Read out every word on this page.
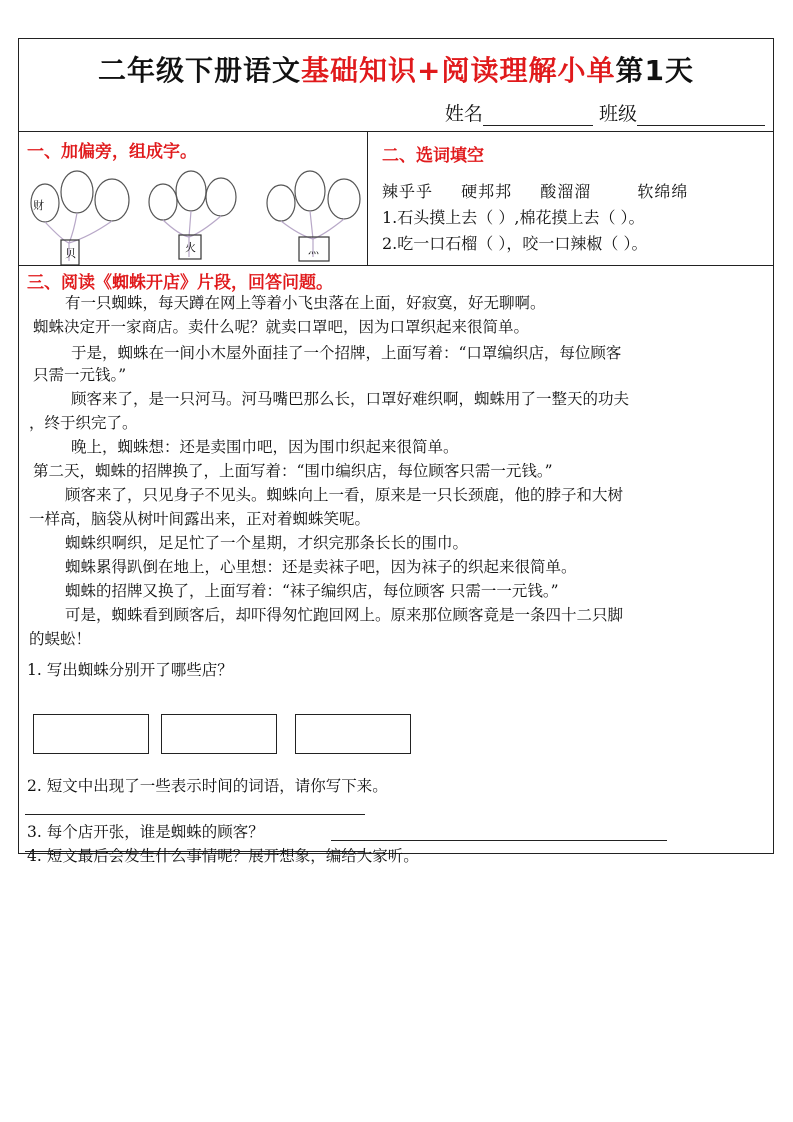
二年级下册语文基础知识+阅读理解小单第1天
姓名	班级
一、加偏旁，组成字。
财
贝	火	灬
二、选词填空
辣乎乎 硬邦邦 酸溜溜	软绵绵
1.石头摸上去（ ）,棉花摸上去（ ）。
2.吃一口石榴（ ），咬一口辣椒（ ）。
三、阅读《蜘蛛开店》片段，回答问题。
有一只蜘蛛，每天蹲在网上等着小飞虫落在上面，好寂寞，好无聊啊。
蜘蛛决定开一家商店。卖什么呢？就卖口罩吧，因为口罩织起来很简单。
于是，蜘蛛在一间小木屋外面挂了一个招牌，上面写着：“口罩编织店，每位顾客
只需一元钱。”
顾客来了，是一只河马。河马嘴巴那么长，口罩好难织啊，蜘蛛用了一整天的功夫
，终于织完了。
晚上，蜘蛛想：还是卖围巾吧，因为围巾织起来很简单。
第二天，蜘蛛的招牌换了，上面写着：“围巾编织店，每位顾客只需一元钱。”
顾客来了，只见身子不见头。蜘蛛向上一看，原来是一只长颈鹿，他的脖子和大树
一样高，脑袋从树叶间露出来，正对着蜘蛛笑呢。
蜘蛛织啊织，足足忙了一个星期，才织完那条长长的围巾。
蜘蛛累得趴倒在地上，心里想：还是卖袜子吧，因为袜子的织起来很简单。
蜘蛛的招牌又换了，上面写着：“袜子编织店，每位顾客 只需一一元钱。”
可是，蜘蛛看到顾客后，却吓得匆忙跑回网上。原来那位顾客竟是一条四十二只脚
的蜈蚣！
1. 写出蜘蛛分别开了哪些店？
2. 短文中出现了一些表示时间的词语，请你写下来。
3. 每个店开张，谁是蜘蛛的顾客？
4. 短文最后会发生什么事情呢？展开想象，编给大家听。
